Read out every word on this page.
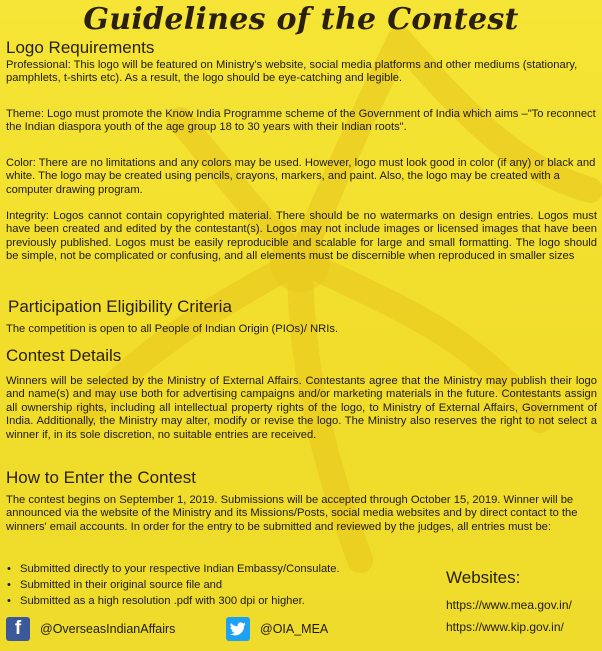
Guidelines of the Contest
Logo Requirements
Professional: This logo will be featured on Ministry's website, social media platforms and other mediums (stationary, pamphlets, t-shirts etc). As a result, the logo should be eye-catching and legible.
Theme: Logo must promote the Know India Programme scheme of the Government of India which aims –"To reconnect the Indian diaspora youth of the age group 18 to 30 years with their Indian roots".
Color: There are no limitations and any colors may be used. However, logo must look good in color (if any) or black and white. The logo may be created using pencils, crayons, markers, and paint. Also, the logo may be created with a computer drawing program.
Integrity: Logos cannot contain copyrighted material. There should be no watermarks on design entries. Logos must have been created and edited by the contestant(s). Logos may not include images or licensed images that have been previously published. Logos must be easily reproducible and scalable for large and small formatting. The logo should be simple, not be complicated or confusing, and all elements must be discernible when reproduced in smaller sizes
Participation Eligibility Criteria
The competition is open to all People of Indian Origin (PIOs)/ NRIs.
Contest Details
Winners will be selected by the Ministry of External Affairs. Contestants agree that the Ministry may publish their logo and name(s) and may use both for advertising campaigns and/or marketing materials in the future. Contestants assign all ownership rights, including all intellectual property rights of the logo, to Ministry of External Affairs, Government of India. Additionally, the Ministry may alter, modify or revise the logo. The Ministry also reserves the right to not select a winner if, in its sole discretion, no suitable entries are received.
How to Enter the Contest
The contest begins on September 1, 2019. Submissions will be accepted through October 15, 2019. Winner will be announced via the website of the Ministry and its Missions/Posts, social media websites and by direct contact to the winners' email accounts. In order for the entry to be submitted and reviewed by the judges, all entries must be:
• Submitted directly to your respective Indian Embassy/Consulate.
• Submitted in their original source file and
• Submitted as a high resolution .pdf with 300 dpi or higher.
Websites:
https://www.mea.gov.in/
https://www.kip.gov.in/
f	@OverseasIndianAffairs	@OIA_MEA
